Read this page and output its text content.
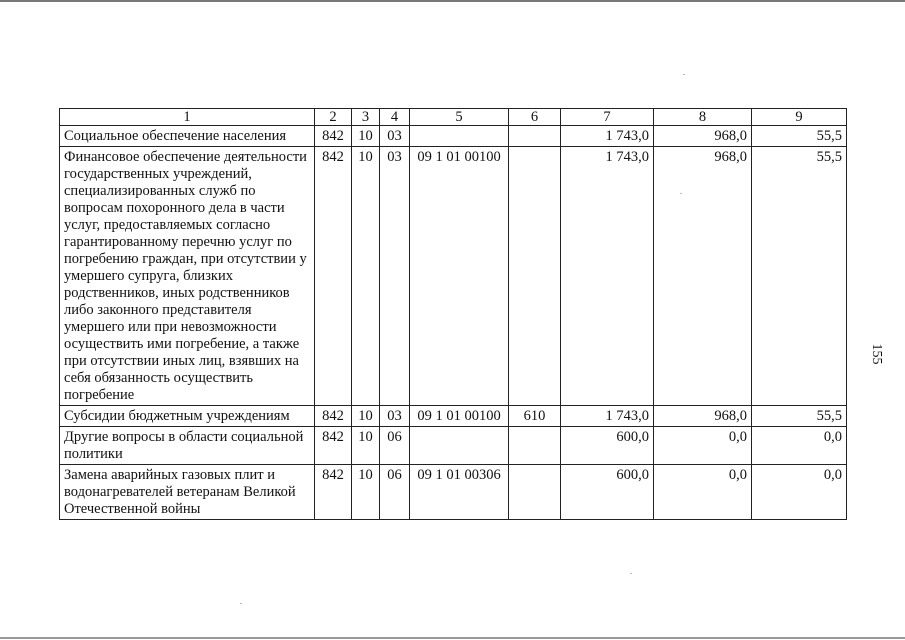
1	2	3	4	5	6	7	8	9
Социальное обеспечение населения	842	10	03			1 743,0	968,0	55,5
Финансовое обеспечение деятельности государственных учреждений, специализированных служб по вопросам похоронного дела в части услуг, предоставляемых согласно гарантированному перечню услуг по погребению граждан, при отсутствии у умершего супруга, близких родственников, иных родственников либо законного представителя умершего или при невозможности осуществить ими погребение, а также при отсутствии иных лиц, взявших на себя обязанность осуществить погребение	842	10	03	09 1 01 00100		1 743,0	968,0	55,5
Субсидии бюджетным учреждениям	842	10	03	09 1 01 00100	610	1 743,0	968,0	55,5
Другие вопросы в области социальной политики	842	10	06			600,0	0,0	0,0
Замена аварийных газовых плит и водонагревателей ветеранам Великой Отечественной войны	842	10	06	09 1 01 00306		600,0	0,0	0,0
155
